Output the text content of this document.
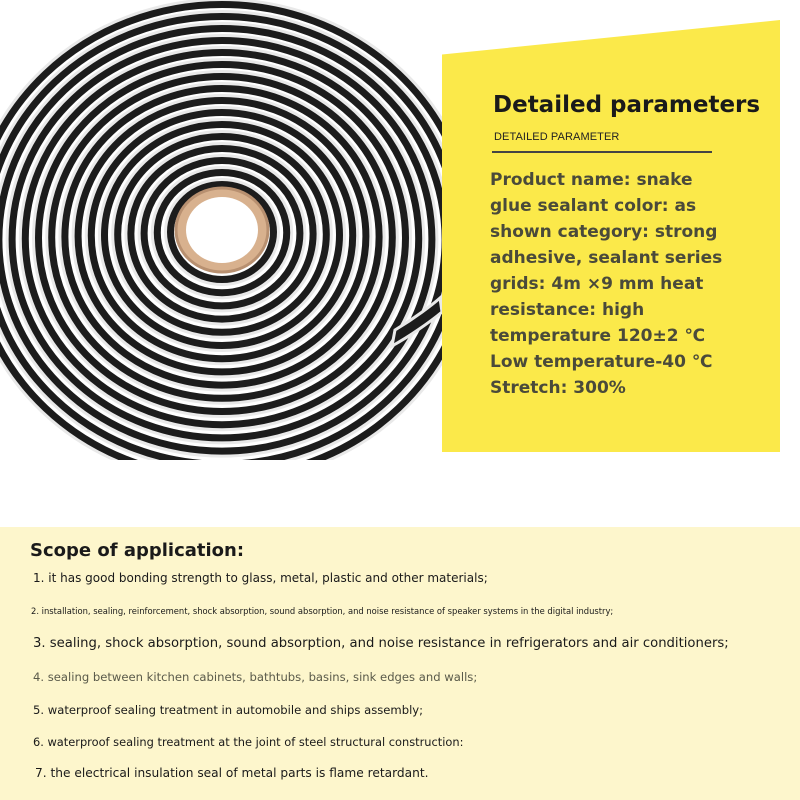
Detailed parameters
DETAILED PARAMETER
Product name: snake
glue sealant color: as
shown category: strong
adhesive, sealant series
grids: 4m ×9 mm heat
resistance: high
temperature 120±2 ℃
Low temperature-40 ℃
Stretch: 300%
Scope of application:
1. it has good bonding strength to glass, metal, plastic and other materials;
2. installation, sealing, reinforcement, shock absorption, sound absorption, and noise resistance of speaker systems in the digital industry;
3. sealing, shock absorption, sound absorption, and noise resistance in refrigerators and air conditioners;
4. sealing between kitchen cabinets, bathtubs, basins, sink edges and walls;
5. waterproof sealing treatment in automobile and ships assembly;
6. waterproof sealing treatment at the joint of steel structural construction:
7. the electrical insulation seal of metal parts is flame retardant.
